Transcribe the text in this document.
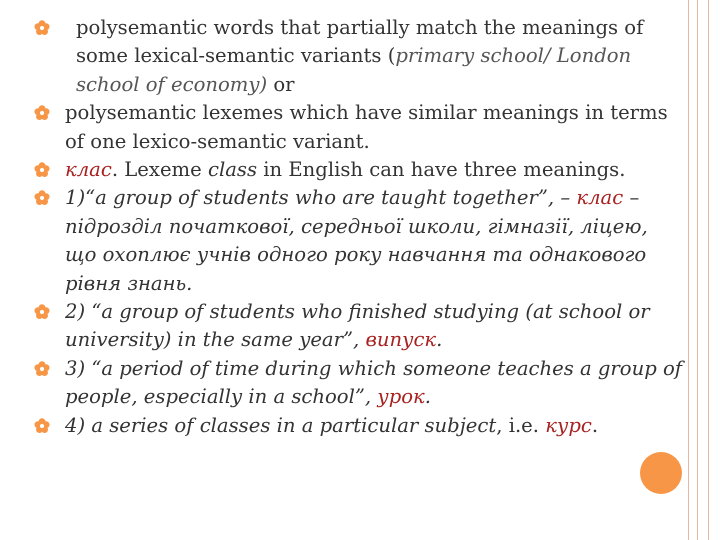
polysemantic words that partially match the meanings of some lexical-semantic variants (primary school/ London school of economy) or
polysemantic lexemes which have similar meanings in terms of one lexico-semantic variant.
клас. Lexeme class in English can have three meanings.
1)“a group of students who are taught together”, – клас – підрозділ початкової, середньої школи, гімназії, ліцею, що охоплює учнів одного року навчання та однакового рівня знань.
2) “a group of students who finished studying (at school or university) in the same year”, випуск.
3) “a period of time during which someone teaches a group of people, especially in a school”, урок.
4) a series of classes in a particular subject, i.e. курс.
